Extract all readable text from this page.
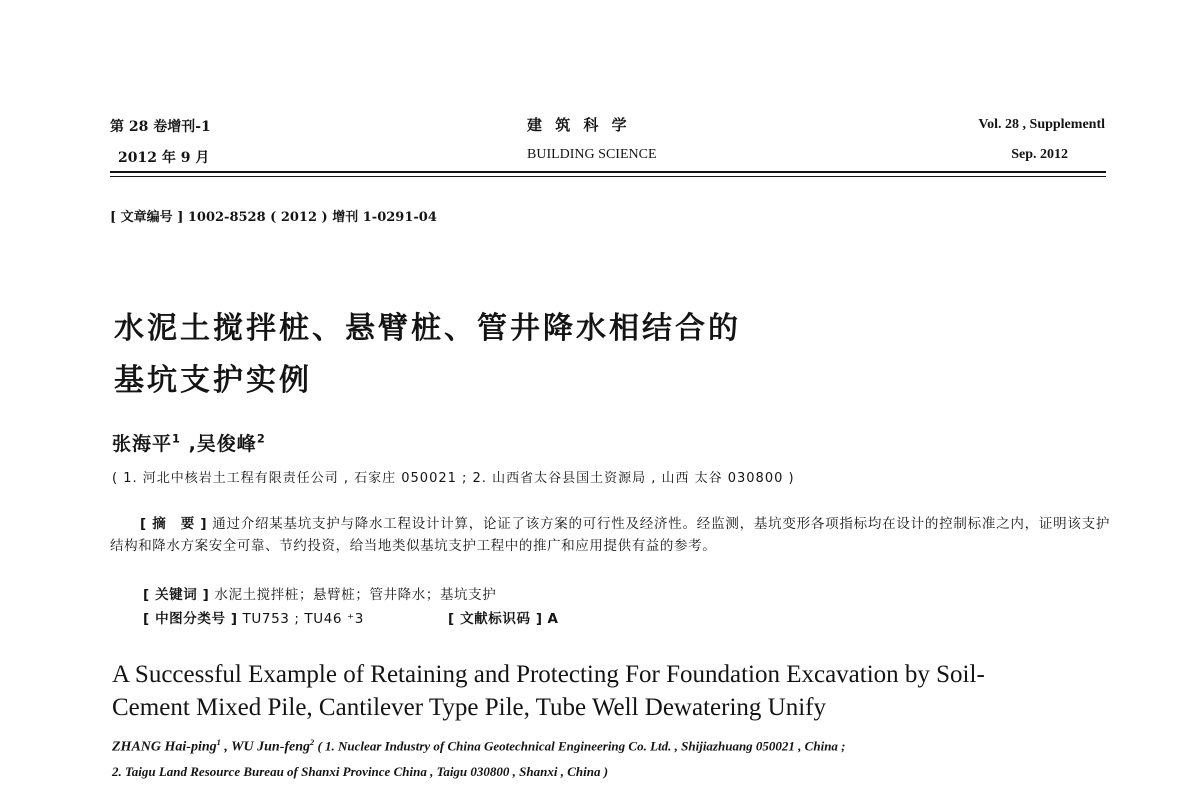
第 28 卷增刊-1
2012 年 9 月
建 筑 科 学
BUILDING SCIENCE
Vol. 28 , Supplementl
Sep. 2012
[ 文章编号 ] 1002-8528 ( 2012 ) 增刊 1-0291-04
水泥土搅拌桩、悬臂桩、管井降水相结合的
基坑支护实例
张海平$^1$ ,吴俊峰$^2$
( 1. 河北中核岩土工程有限责任公司 , 石家庄 050021 ; 2. 山西省太谷县国土资源局 , 山西 太谷 030800 )
[ 摘　要 ] 通过介绍某基坑支护与降水工程设计计算，论证了该方案的可行性及经济性。经监测，基坑变形各项指标均在设计的控制标准之内，证明该支护结构和降水方案安全可靠、节约投资，给当地类似基坑支护工程中的推广和应用提供有益的参考。
[ 关键词 ] 水泥土搅拌桩；悬臂桩；管井降水；基坑支护
[ 中图分类号 ] TU753 ; TU46 ⁺3	[ 文献标识码 ] A
A Successful Example of Retaining and Protecting For Foundation Excavation by Soil-
Cement Mixed Pile, Cantilever Type Pile, Tube Well Dewatering Unify
ZHANG Hai-ping$^1$ , WU Jun-feng$^2$ ( 1. Nuclear Industry of China Geotechnical Engineering Co. Ltd. , Shijiazhuang 050021 , China ;
2. Taigu Land Resource Bureau of Shanxi Province China , Taigu 030800 , Shanxi , China )
